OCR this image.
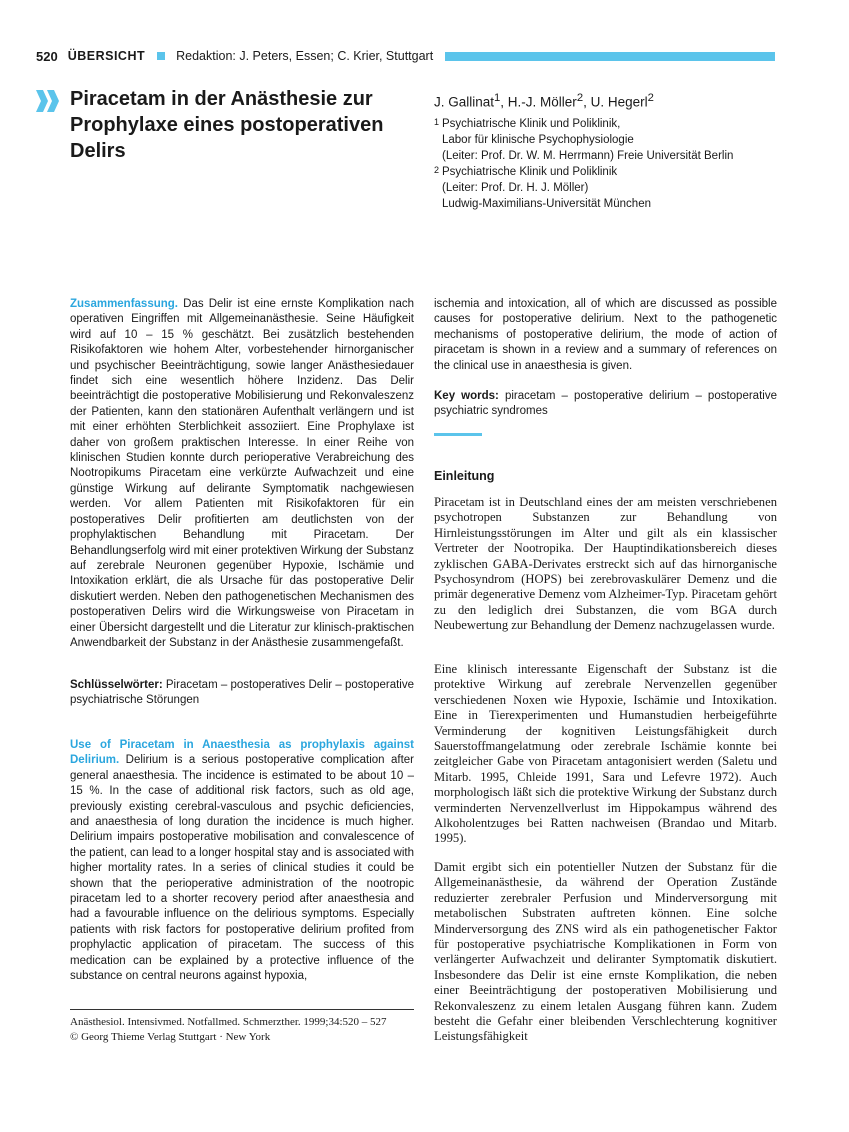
520 ÜBERSICHT Redaktion: J. Peters, Essen; C. Krier, Stuttgart
Piracetam in der Anästhesie zur Prophylaxe eines postoperativen Delirs
J. Gallinat$^1$, H.-J. Möller$^2$, U. Hegerl$^2$
1 Psychiatrische Klinik und Poliklinik,
Labor für klinische Psychophysiologie
(Leiter: Prof. Dr. W. M. Herrmann) Freie Universität Berlin
2 Psychiatrische Klinik und Poliklinik
(Leiter: Prof. Dr. H. J. Möller)
Ludwig-Maximilians-Universität München
Zusammenfassung. Das Delir ist eine ernste Komplikation nach operativen Eingriffen mit Allgemeinanästhesie. Seine Häufigkeit wird auf 10 – 15 % geschätzt. Bei zusätzlich bestehenden Risikofaktoren wie hohem Alter, vorbestehender hirnorganischer und psychischer Beeinträchtigung, sowie langer Anästhesiedauer findet sich eine wesentlich höhere Inzidenz. Das Delir beeinträchtigt die postoperative Mobilisierung und Rekonvaleszenz der Patienten, kann den stationären Aufenthalt verlängern und ist mit einer erhöhten Sterblichkeit assoziiert. Eine Prophylaxe ist daher von großem praktischen Interesse. In einer Reihe von klinischen Studien konnte durch perioperative Verabreichung des Nootropikums Piracetam eine verkürzte Aufwachzeit und eine günstige Wirkung auf delirante Symptomatik nachgewiesen werden. Vor allem Patienten mit Risikofaktoren für ein postoperatives Delir profitierten am deutlichsten von der prophylaktischen Behandlung mit Piracetam. Der Behandlungserfolg wird mit einer protektiven Wirkung der Substanz auf zerebrale Neuronen gegenüber Hypoxie, Ischämie und Intoxikation erklärt, die als Ursache für das postoperative Delir diskutiert werden. Neben den pathogenetischen Mechanismen des postoperativen Delirs wird die Wirkungsweise von Piracetam in einer Übersicht dargestellt und die Literatur zur klinisch-praktischen Anwendbarkeit der Substanz in der Anästhesie zusammengefaßt.
Schlüsselwörter: Piracetam – postoperatives Delir – postoperative psychiatrische Störungen
Use of Piracetam in Anaesthesia as prophylaxis against Delirium. Delirium is a serious postoperative complication after general anaesthesia. The incidence is estimated to be about 10 – 15 %. In the case of additional risk factors, such as old age, previously existing cerebral-vasculous and psychic deficiencies, and anaesthesia of long duration the incidence is much higher. Delirium impairs postoperative mobilisation and convalescence of the patient, can lead to a longer hospital stay and is associated with higher mortality rates. In a series of clinical studies it could be shown that the perioperative administration of the nootropic piracetam led to a shorter recovery period after anaesthesia and had a favourable influence on the delirious symptoms. Especially patients with risk factors for postoperative delirium profited from prophylactic application of piracetam. The success of this medication can be explained by a protective influence of the substance on central neurons against hypoxia,
Anästhesiol. Intensivmed. Notfallmed. Schmerzther. 1999;34:520 – 527
© Georg Thieme Verlag Stuttgart · New York
ischemia and intoxication, all of which are discussed as possible causes for postoperative delirium. Next to the pathogenetic mechanisms of postoperative delirium, the mode of action of piracetam is shown in a review and a summary of references on the clinical use in anaesthesia is given.
Key words: piracetam – postoperative delirium – postoperative psychiatric syndromes
Einleitung
Piracetam ist in Deutschland eines der am meisten verschriebenen psychotropen Substanzen zur Behandlung von Hirnleistungsstörungen im Alter und gilt als ein klassischer Vertreter der Nootropika. Der Hauptindikationsbereich dieses zyklischen GABA-Derivates erstreckt sich auf das hirnorganische Psychosyndrom (HOPS) bei zerebrovaskulärer Demenz und die primär degenerative Demenz vom Alzheimer-Typ. Piracetam gehört zu den lediglich drei Substanzen, die vom BGA durch Neubewertung zur Behandlung der Demenz nachzugelassen wurde.
Eine klinisch interessante Eigenschaft der Substanz ist die protektive Wirkung auf zerebrale Nervenzellen gegenüber verschiedenen Noxen wie Hypoxie, Ischämie und Intoxikation. Eine in Tierexperimenten und Humanstudien herbeigeführte Verminderung der kognitiven Leistungsfähigkeit durch Sauerstoffmangelatmung oder zerebrale Ischämie konnte bei zeitgleicher Gabe von Piracetam antagonisiert werden (Saletu und Mitarb. 1995, Chleide 1991, Sara und Lefevre 1972). Auch morphologisch läßt sich die protektive Wirkung der Substanz durch verminderten Nervenzellverlust im Hippokampus während des Alkoholentzuges bei Ratten nachweisen (Brandao und Mitarb. 1995).
Damit ergibt sich ein potentieller Nutzen der Substanz für die Allgemeinanästhesie, da während der Operation Zustände reduzierter zerebraler Perfusion und Minderversorgung mit metabolischen Substraten auftreten können. Eine solche Minderversorgung des ZNS wird als ein pathogenetischer Faktor für postoperative psychiatrische Komplikationen in Form von verlängerter Aufwachzeit und deliranter Symptomatik diskutiert. Insbesondere das Delir ist eine ernste Komplikation, die neben einer Beeinträchtigung der postoperativen Mobilisierung und Rekonvaleszenz zu einem letalen Ausgang führen kann. Zudem besteht die Gefahr einer bleibenden Verschlechterung kognitiver Leistungsfähigkeit
